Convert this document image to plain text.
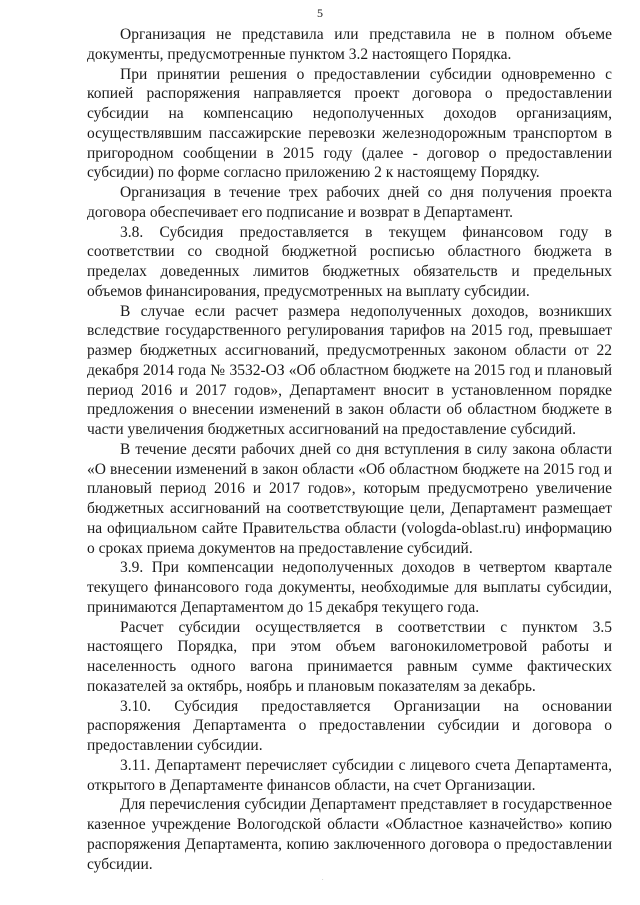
5

Организация не представила или представила не в полном объеме документы, предусмотренные пунктом 3.2 настоящего Порядка.

При принятии решения о предоставлении субсидии одновременно с копией распоряжения направляется проект договора о предоставлении субсидии на компенсацию недополученных доходов организациям, осуществлявшим пассажирские перевозки железнодорожным транспортом в пригородном сообщении в 2015 году (далее - договор о предоставлении субсидии) по форме согласно приложению 2 к настоящему Порядку.

Организация в течение трех рабочих дней со дня получения проекта договора обеспечивает его подписание и возврат в Департамент.

3.8. Субсидия предоставляется в текущем финансовом году в соответствии со сводной бюджетной росписью областного бюджета в пределах доведенных лимитов бюджетных обязательств и предельных объемов финансирования, предусмотренных на выплату субсидии.

В случае если расчет размера недополученных доходов, возникших вследствие государственного регулирования тарифов на 2015 год, превышает размер бюджетных ассигнований, предусмотренных законом области от 22 декабря 2014 года № 3532-ОЗ «Об областном бюджете на 2015 год и плановый период 2016 и 2017 годов», Департамент вносит в установленном порядке предложения о внесении изменений в закон области об областном бюджете в части увеличения бюджетных ассигнований на предоставление субсидий.

В течение десяти рабочих дней со дня вступления в силу закона области «О внесении изменений в закон области «Об областном бюджете на 2015 год и плановый период 2016 и 2017 годов», которым предусмотрено увеличение бюджетных ассигнований на соответствующие цели, Департамент размещает на официальном сайте Правительства области (vologda-oblast.ru) информацию о сроках приема документов на предоставление субсидий.

3.9. При компенсации недополученных доходов в четвертом квартале текущего финансового года документы, необходимые для выплаты субсидии, принимаются Департаментом до 15 декабря текущего года.

Расчет субсидии осуществляется в соответствии с пунктом 3.5 настоящего Порядка, при этом объем вагонокилометровой работы и населенность одного вагона принимается равным сумме фактических показателей за октябрь, ноябрь и плановым показателям за декабрь.

3.10. Субсидия предоставляется Организации на основании распоряжения Департамента о предоставлении субсидии и договора о предоставлении субсидии.

3.11. Департамент перечисляет субсидии с лицевого счета Департамента, открытого в Департаменте финансов области, на счет Организации.

Для перечисления субсидии Департамент представляет в государственное казенное учреждение Вологодской области «Областное казначейство» копию распоряжения Департамента, копию заключенного договора о предоставлении субсидии.

.
